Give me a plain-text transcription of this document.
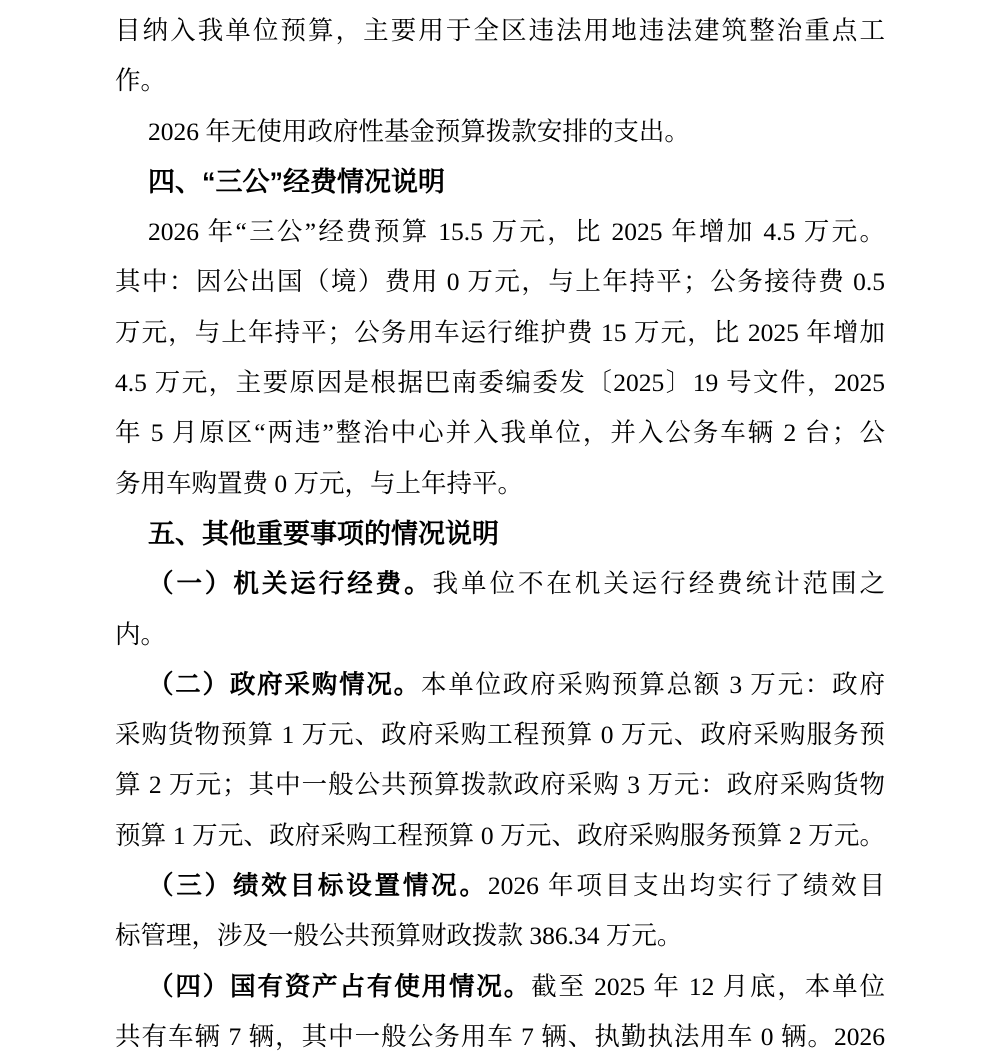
目纳入我单位预算，主要用于全区违法用地违法建筑整治重点工
作。
2026 年无使用政府性基金预算拨款安排的支出。
四、“三公”经费情况说明
2026 年“三公”经费预算 15.5 万元，比 2025 年增加 4.5 万元。
其中：因公出国（境）费用 0 万元，与上年持平；公务接待费 0.5
万元，与上年持平；公务用车运行维护费 15 万元，比 2025 年增加
4.5 万元，主要原因是根据巴南委编委发〔2025〕19 号文件，2025
年 5 月原区“两违”整治中心并入我单位，并入公务车辆 2 台；公
务用车购置费 0 万元，与上年持平。
五、其他重要事项的情况说明
（一）机关运行经费。我单位不在机关运行经费统计范围之
内。
（二）政府采购情况。本单位政府采购预算总额 3 万元：政府
采购货物预算 1 万元、政府采购工程预算 0 万元、政府采购服务预
算 2 万元；其中一般公共预算拨款政府采购 3 万元：政府采购货物
预算 1 万元、政府采购工程预算 0 万元、政府采购服务预算 2 万元。
（三）绩效目标设置情况。2026 年项目支出均实行了绩效目
标管理，涉及一般公共预算财政拨款 386.34 万元。
（四）国有资产占有使用情况。截至 2025 年 12 月底，本单位
共有车辆 7 辆，其中一般公务用车 7 辆、执勤执法用车 0 辆。2026
